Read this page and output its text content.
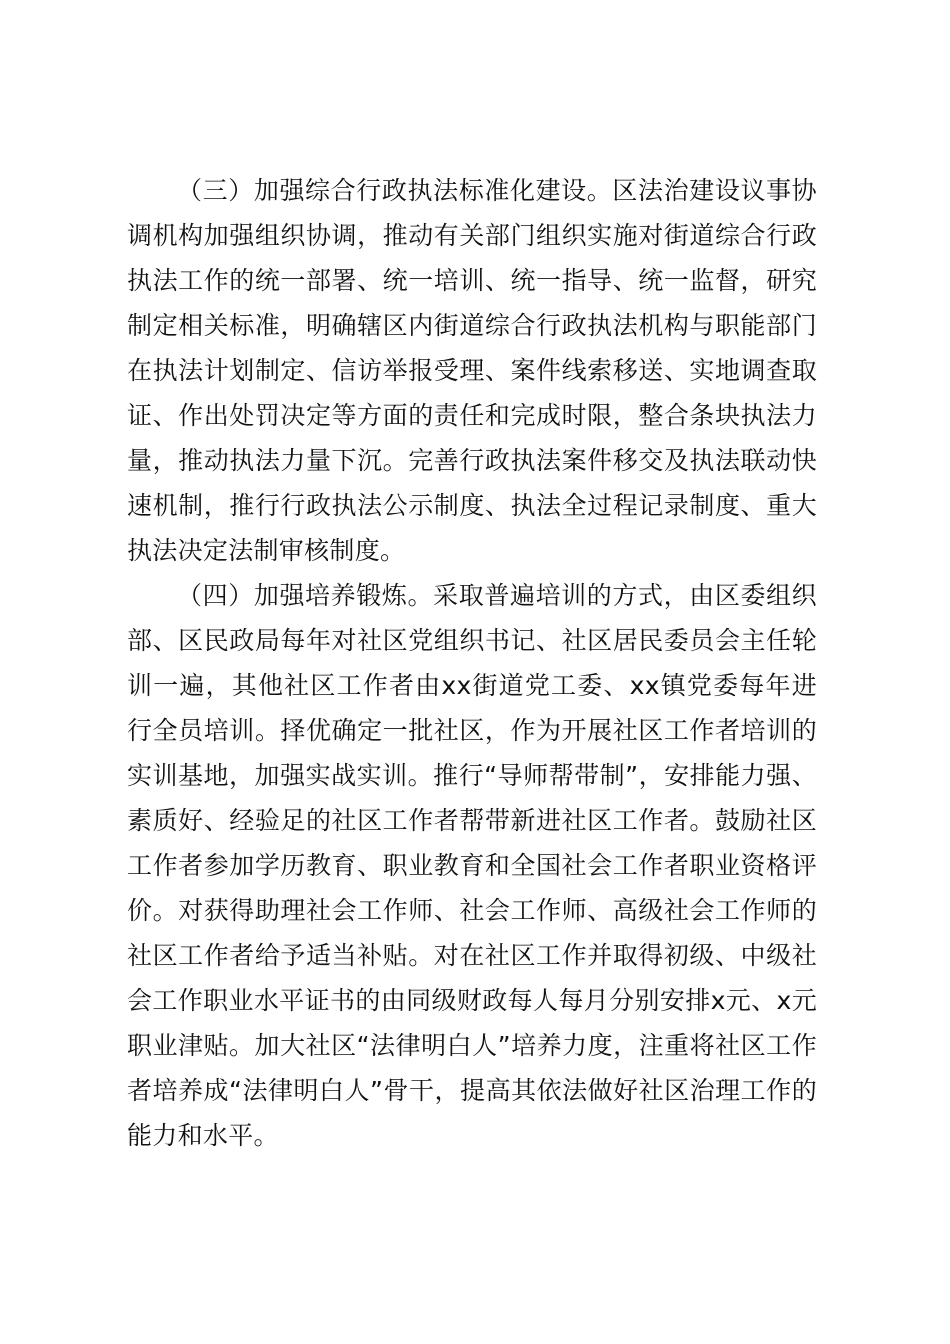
（三）加强综合行政执法标准化建设。区法治建设议事协调机构加强组织协调，推动有关部门组织实施对街道综合行政执法工作的统一部署、统一培训、统一指导、统一监督，研究制定相关标准，明确辖区内街道综合行政执法机构与职能部门在执法计划制定、信访举报受理、案件线索移送、实地调查取证、作出处罚决定等方面的责任和完成时限，整合条块执法力量，推动执法力量下沉。完善行政执法案件移交及执法联动快速机制，推行行政执法公示制度、执法全过程记录制度、重大执法决定法制审核制度。

（四）加强培养锻炼。采取普遍培训的方式，由区委组织部、区民政局每年对社区党组织书记、社区居民委员会主任轮训一遍，其他社区工作者由xx街道党工委、xx镇党委每年进行全员培训。择优确定一批社区，作为开展社区工作者培训的实训基地，加强实战实训。推行“导师帮带制”，安排能力强、素质好、经验足的社区工作者帮带新进社区工作者。鼓励社区工作者参加学历教育、职业教育和全国社会工作者职业资格评价。对获得助理社会工作师、社会工作师、高级社会工作师的社区工作者给予适当补贴。对在社区工作并取得初级、中级社会工作职业水平证书的由同级财政每人每月分别安排x元、x元职业津贴。加大社区“法律明白人”培养力度，注重将社区工作者培养成“法律明白人”骨干，提高其依法做好社区治理工作的能力和水平。
